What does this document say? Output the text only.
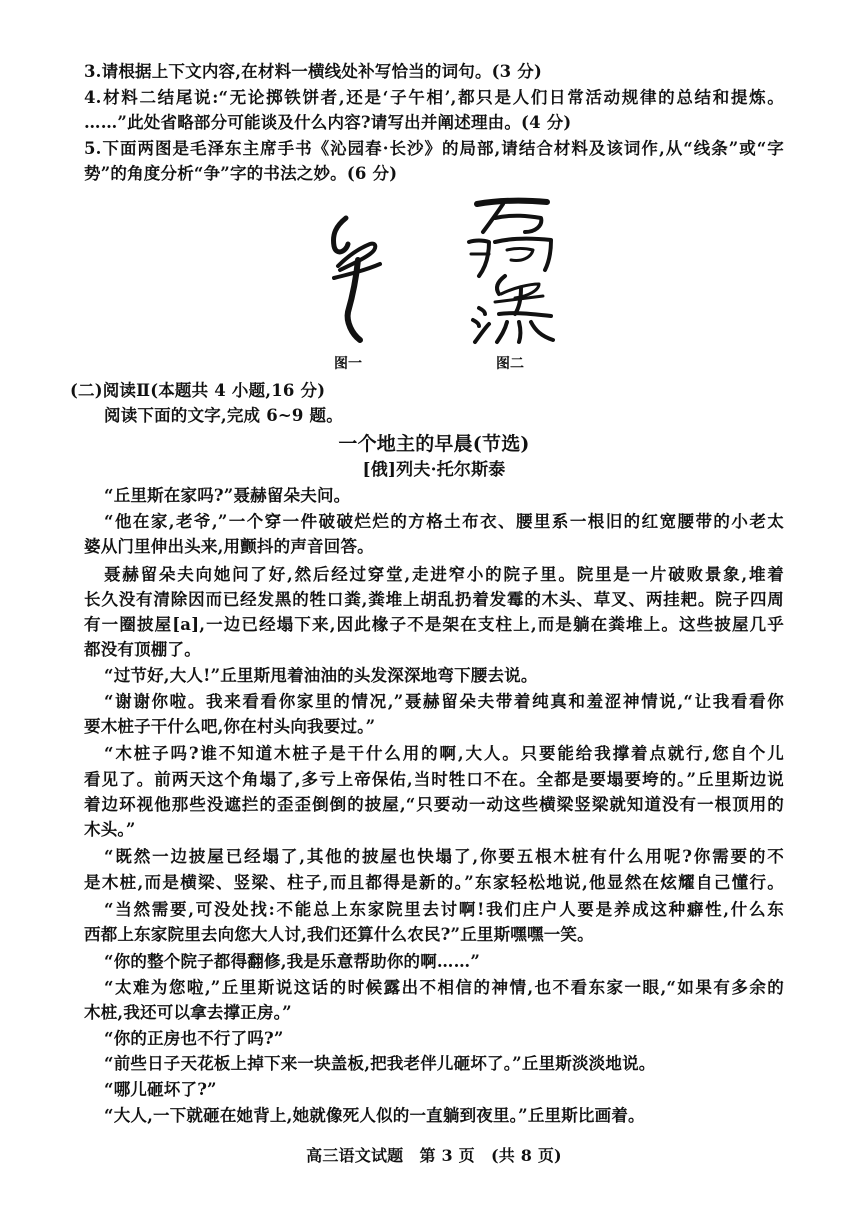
3.请根据上下文内容,在材料一横线处补写恰当的词句。(3 分)

4.材料二结尾说:“无论掷铁饼者,还是‘子午相’,都只是人们日常活动规律的总结和提炼。

……”此处省略部分可能谈及什么内容?请写出并阐述理由。(4 分)

5.下面两图是毛泽东主席手书《沁园春·长沙》的局部,请结合材料及该词作,从“线条”或“字

势”的角度分析“争”字的书法之妙。(6 分)

图一	图二

(二)阅读Ⅱ(本题共 4 小题,16 分)

阅读下面的文字,完成 6~9 题。

一个地主的早晨(节选)

[俄]列夫·托尔斯泰

“丘里斯在家吗?”聂赫留朵夫问。

“他在家,老爷,”一个穿一件破破烂烂的方格土布衣、腰里系一根旧的红宽腰带的小老太

婆从门里伸出头来,用颤抖的声音回答。

聂赫留朵夫向她问了好,然后经过穿堂,走进窄小的院子里。院里是一片破败景象,堆着

长久没有清除因而已经发黑的牲口粪,粪堆上胡乱扔着发霉的木头、草叉、两挂耙。院子四周

有一圈披屋[a],一边已经塌下来,因此椽子不是架在支柱上,而是躺在粪堆上。这些披屋几乎

都没有顶棚了。

“过节好,大人!”丘里斯甩着油油的头发深深地弯下腰去说。

“谢谢你啦。我来看看你家里的情况,”聂赫留朵夫带着纯真和羞涩神情说,“让我看看你

要木桩子干什么吧,你在村头向我要过。”

“木桩子吗?谁不知道木桩子是干什么用的啊,大人。只要能给我撑着点就行,您自个儿

看见了。前两天这个角塌了,多亏上帝保佑,当时牲口不在。全都是要塌要垮的。”丘里斯边说

着边环视他那些没遮拦的歪歪倒倒的披屋,“只要动一动这些横梁竖梁就知道没有一根顶用的

木头。”

“既然一边披屋已经塌了,其他的披屋也快塌了,你要五根木桩有什么用呢?你需要的不

是木桩,而是横梁、竖梁、柱子,而且都得是新的。”东家轻松地说,他显然在炫耀自己懂行。

“当然需要,可没处找:不能总上东家院里去讨啊!我们庄户人要是养成这种癖性,什么东

西都上东家院里去向您大人讨,我们还算什么农民?”丘里斯嘿嘿一笑。

“你的整个院子都得翻修,我是乐意帮助你的啊……”

“太难为您啦,”丘里斯说这话的时候露出不相信的神情,也不看东家一眼,“如果有多余的

木桩,我还可以拿去撑正房。”

“你的正房也不行了吗?”

“前些日子天花板上掉下来一块盖板,把我老伴儿砸坏了。”丘里斯淡淡地说。

“哪儿砸坏了?”

“大人,一下就砸在她背上,她就像死人似的一直躺到夜里。”丘里斯比画着。

高三语文试题　第 3 页　(共 8 页)
